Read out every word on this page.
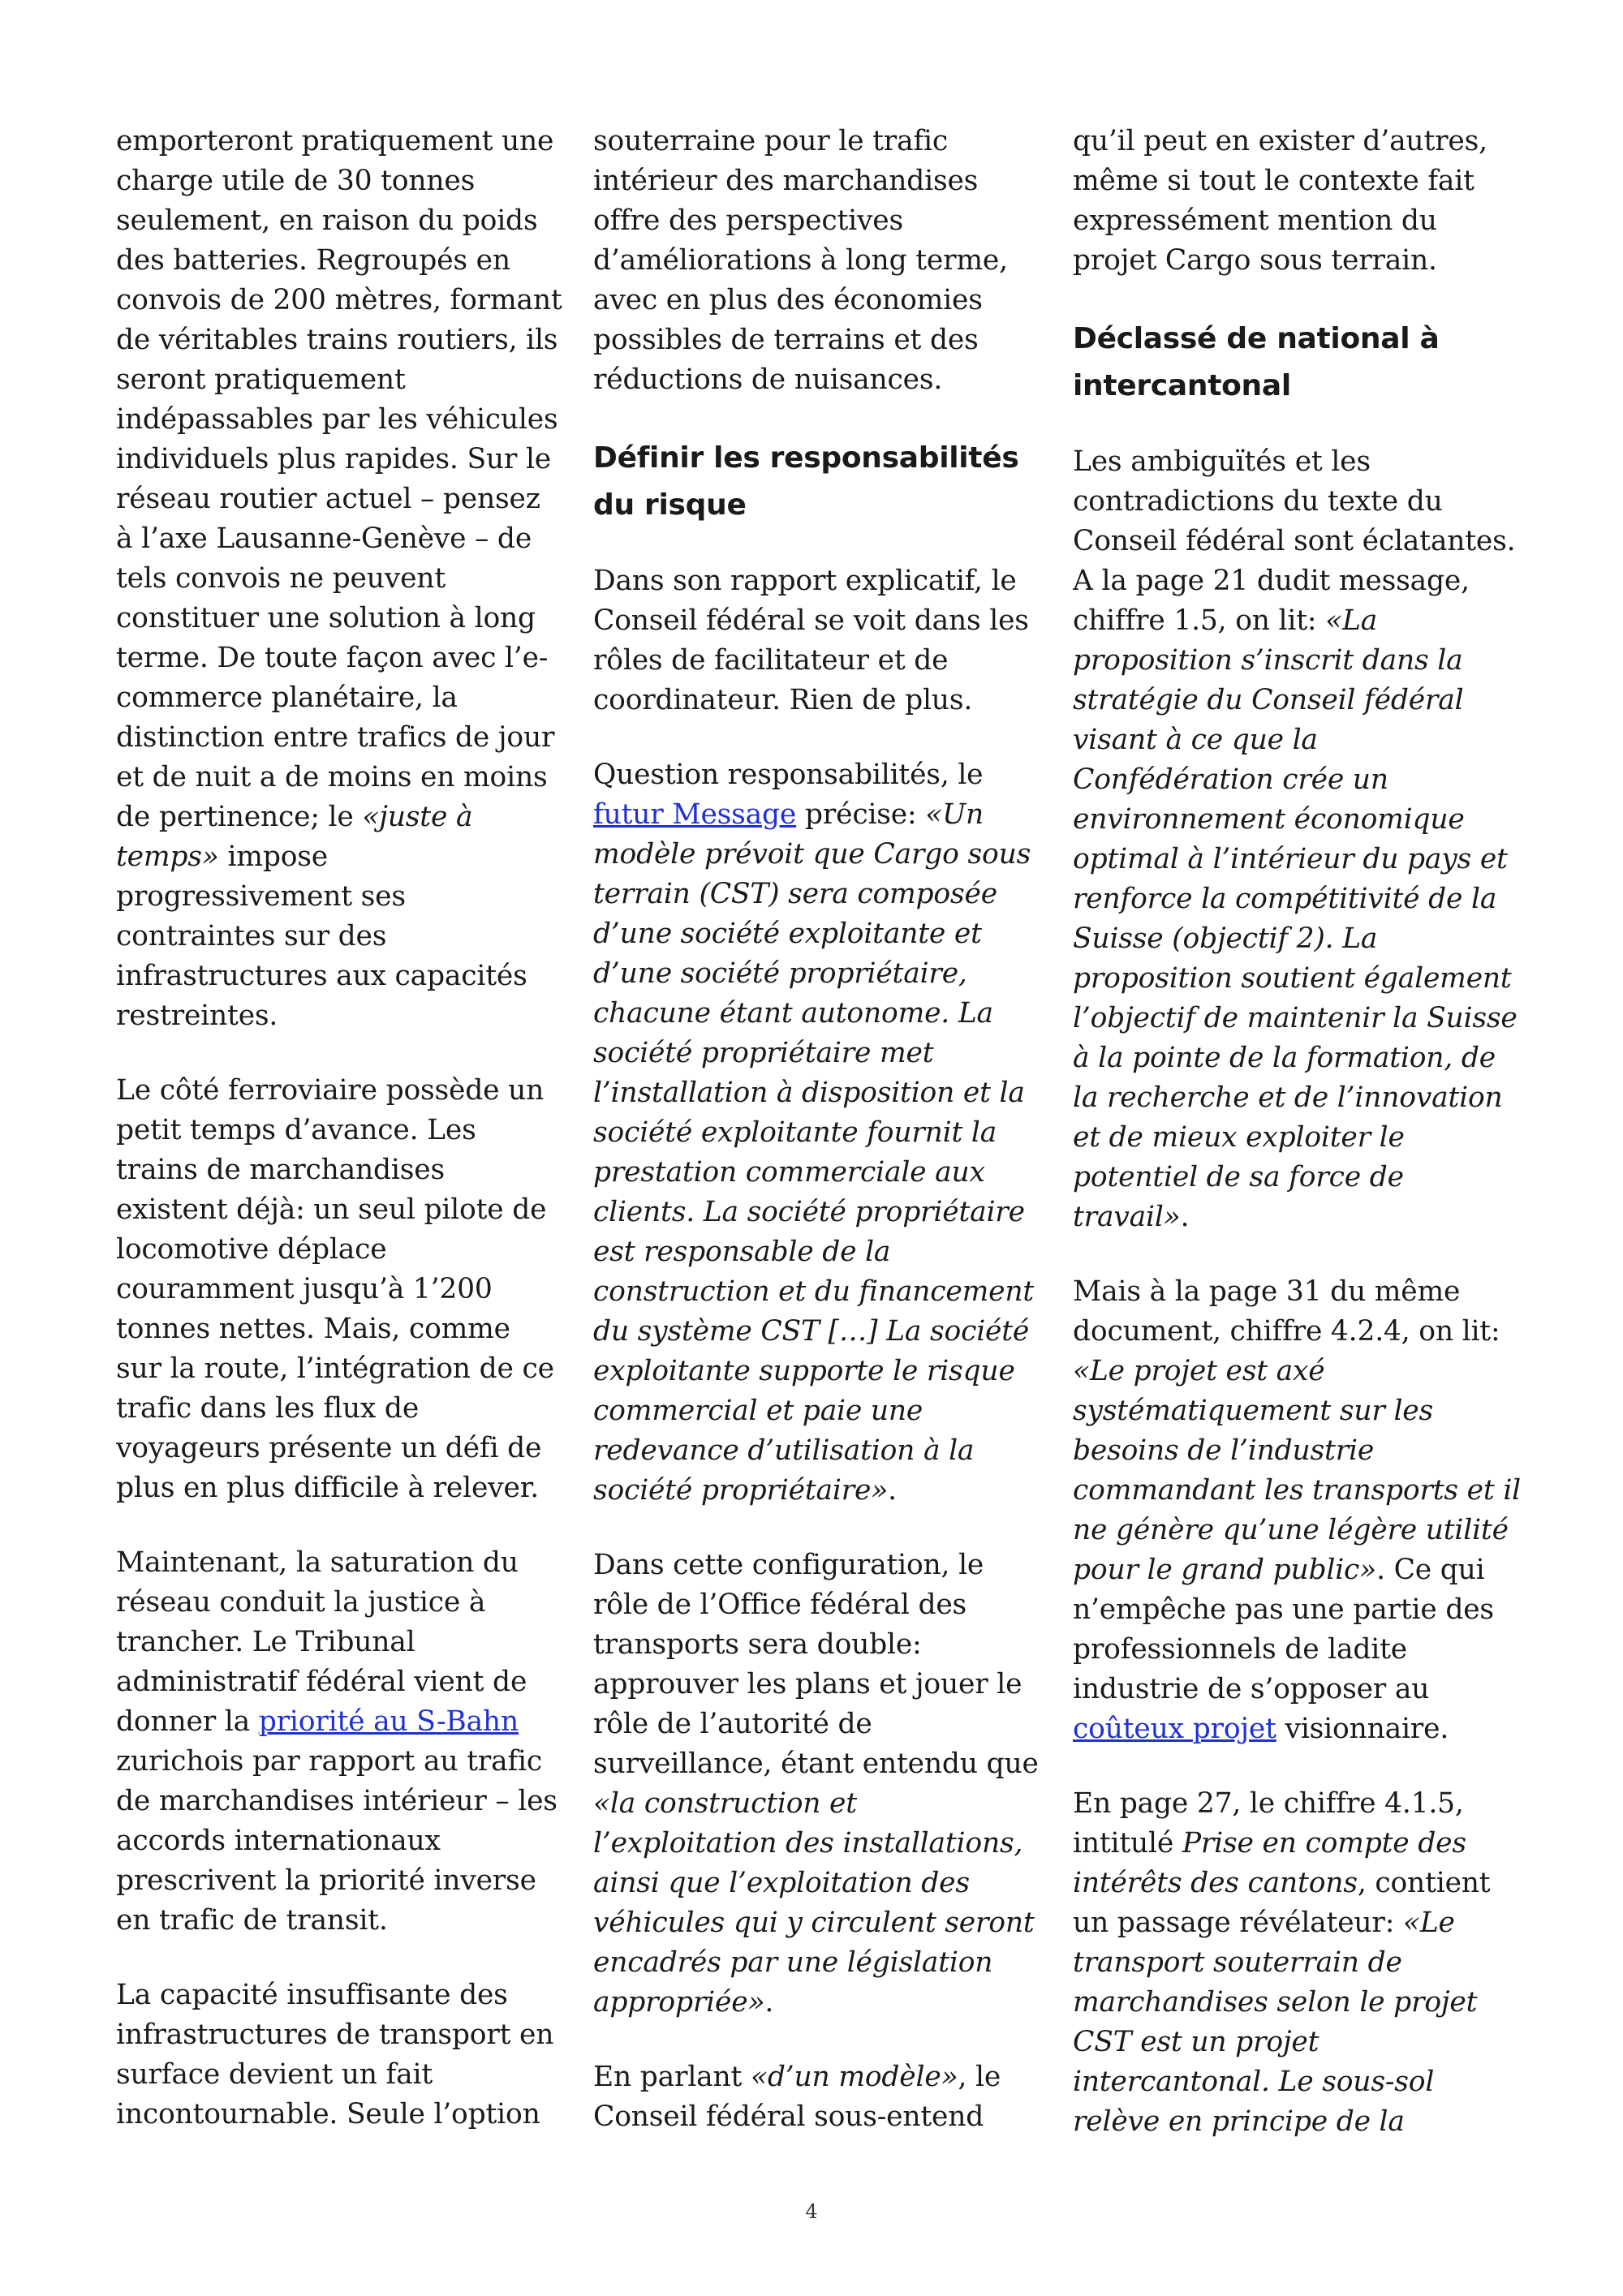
emporteront pratiquement une charge utile de 30 tonnes seulement, en raison du poids des batteries. Regroupés en convois de 200 mètres, formant de véritables trains routiers, ils seront pratiquement indépassables par les véhicules individuels plus rapides. Sur le réseau routier actuel – pensez à l’axe Lausanne-Genève – de tels convois ne peuvent constituer une solution à long terme. De toute façon avec l’e-commerce planétaire, la distinction entre trafics de jour et de nuit a de moins en moins de pertinence; le «juste à temps» impose progressivement ses contraintes sur des infrastructures aux capacités restreintes.

Le côté ferroviaire possède un petit temps d’avance. Les trains de marchandises existent déjà: un seul pilote de locomotive déplace couramment jusqu’à 1’200 tonnes nettes. Mais, comme sur la route, l’intégration de ce trafic dans les flux de voyageurs présente un défi de plus en plus difficile à relever.

Maintenant, la saturation du réseau conduit la justice à trancher. Le Tribunal administratif fédéral vient de donner la priorité au S-Bahn zurichois par rapport au trafic de marchandises intérieur – les accords internationaux prescrivent la priorité inverse en trafic de transit.

La capacité insuffisante des infrastructures de transport en surface devient un fait incontournable. Seule l’option

souterraine pour le trafic intérieur des marchandises offre des perspectives d’améliorations à long terme, avec en plus des économies possibles de terrains et des réductions de nuisances.

Définir les responsabilités du risque

Dans son rapport explicatif, le Conseil fédéral se voit dans les rôles de facilitateur et de coordinateur. Rien de plus.

Question responsabilités, le futur Message précise: «Un modèle prévoit que Cargo sous terrain (CST) sera composée d’une société exploitante et d’une société propriétaire, chacune étant autonome. La société propriétaire met l’installation à disposition et la société exploitante fournit la prestation commerciale aux clients. La société propriétaire est responsable de la construction et du financement du système CST […] La société exploitante supporte le risque commercial et paie une redevance d’utilisation à la société propriétaire».

Dans cette configuration, le rôle de l’Office fédéral des transports sera double: approuver les plans et jouer le rôle de l’autorité de surveillance, étant entendu que «la construction et l’exploitation des installations, ainsi que l’exploitation des véhicules qui y circulent seront encadrés par une législation appropriée».

En parlant «d’un modèle», le Conseil fédéral sous-entend

qu’il peut en exister d’autres, même si tout le contexte fait expressément mention du projet Cargo sous terrain.

Déclassé de national à intercantonal

Les ambiguïtés et les contradictions du texte du Conseil fédéral sont éclatantes. A la page 21 dudit message, chiffre 1.5, on lit: «La proposition s’inscrit dans la stratégie du Conseil fédéral visant à ce que la Confédération crée un environnement économique optimal à l’intérieur du pays et renforce la compétitivité de la Suisse (objectif 2). La proposition soutient également l’objectif de maintenir la Suisse à la pointe de la formation, de la recherche et de l’innovation et de mieux exploiter le potentiel de sa force de travail».

Mais à la page 31 du même document, chiffre 4.2.4, on lit: «Le projet est axé systématiquement sur les besoins de l’industrie commandant les transports et il ne génère qu’une légère utilité pour le grand public». Ce qui n’empêche pas une partie des professionnels de ladite industrie de s’opposer au coûteux projet visionnaire.

En page 27, le chiffre 4.1.5, intitulé Prise en compte des intérêts des cantons, contient un passage révélateur: «Le transport souterrain de marchandises selon le projet CST est un projet intercantonal. Le sous-sol relève en principe de la

4
